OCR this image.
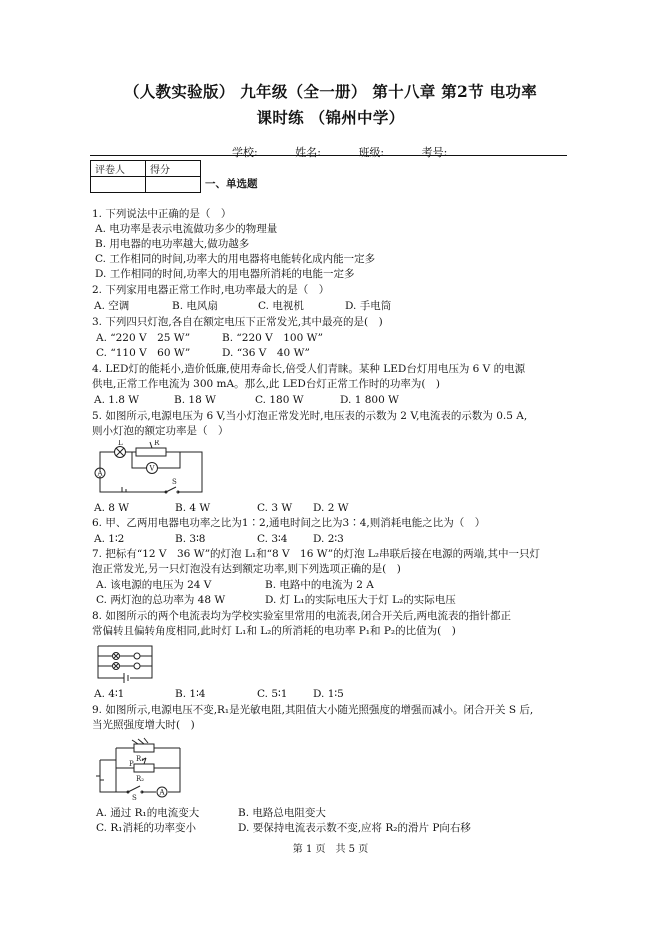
（人教实验版） 九年级（全一册） 第十八章 第2节 电功率
课时练 （锦州中学）
学校:	姓名:	班级:	考号:
评卷人	得分

一、单选题
1. 下列说法中正确的是（　）
A. 电功率是表示电流做功多少的物理量
B. 用电器的电功率越大,做功越多
C. 工作相同的时间,功率大的用电器将电能转化成内能一定多
D. 工作相同的时间,功率大的用电器所消耗的电能一定多
2. 下列家用电器正常工作时,电功率最大的是（　）
A. 空调	B. 电风扇	C. 电视机	D. 手电筒
3. 下列四只灯泡,各自在额定电压下正常发光,其中最亮的是(　)
A. “220 V　25 W”	B. “220 V　100 W”
C. “110 V　60 W”	D. “36 V　40 W”
4. LED灯的能耗小,造价低廉,使用寿命长,倍受人们青睐。某种 LED台灯用电压为 6 V 的电源
供电,正常工作电流为 300 mA。那么,此 LED台灯正常工作时的功率为(　)
A. 1.8 W	B. 18 W	C. 180 W	D. 1 800 W
5. 如图所示,电源电压为 6 V,当小灯泡正常发光时,电压表的示数为 2 V,电流表的示数为 0.5 A,
则小灯泡的额定功率是（　）
L	R
V
A
S
A. 8 W	B. 4 W	C. 3 W D. 2 W
6. 甲、乙两用电器电功率之比为1∶2,通电时间之比为3∶4,则消耗电能之比为（　）
A. 1∶2	B. 3∶8	C. 3∶4 D. 2∶3
7. 把标有“12 V　36 W”的灯泡 L₁和“8 V　16 W”的灯泡 L₂串联后接在电源的两端,其中一只灯
泡正常发光,另一只灯泡没有达到额定功率,则下列选项正确的是(　)
A. 该电源的电压为 24 V	B. 电路中的电流为 2 A
C. 两灯泡的总功率为 48 W	D. 灯 L₁的实际电压大于灯 L₂的实际电压
8. 如图所示的两个电流表均为学校实验室里常用的电流表,闭合开关后,两电流表的指针都正
常偏转且偏转角度相同,此时灯 L₁和 L₂的所消耗的电功率 P₁和 P₂的比值为(　)
A. 4∶1	B. 1∶4	C. 5∶1 D. 1∶5
9. 如图所示,电源电压不变,R₁是光敏电阻,其阻值大小随光照强度的增强而减小。闭合开关 S 后,
当光照强度增大时(　)
R₁
R₂
P
A
S
A. 通过 R₁的电流变大	B. 电路总电阻变大
C. R₁消耗的功率变小	D. 要保持电流表示数不变,应将 R₂的滑片 P向右移
第 1 页　共 5 页
